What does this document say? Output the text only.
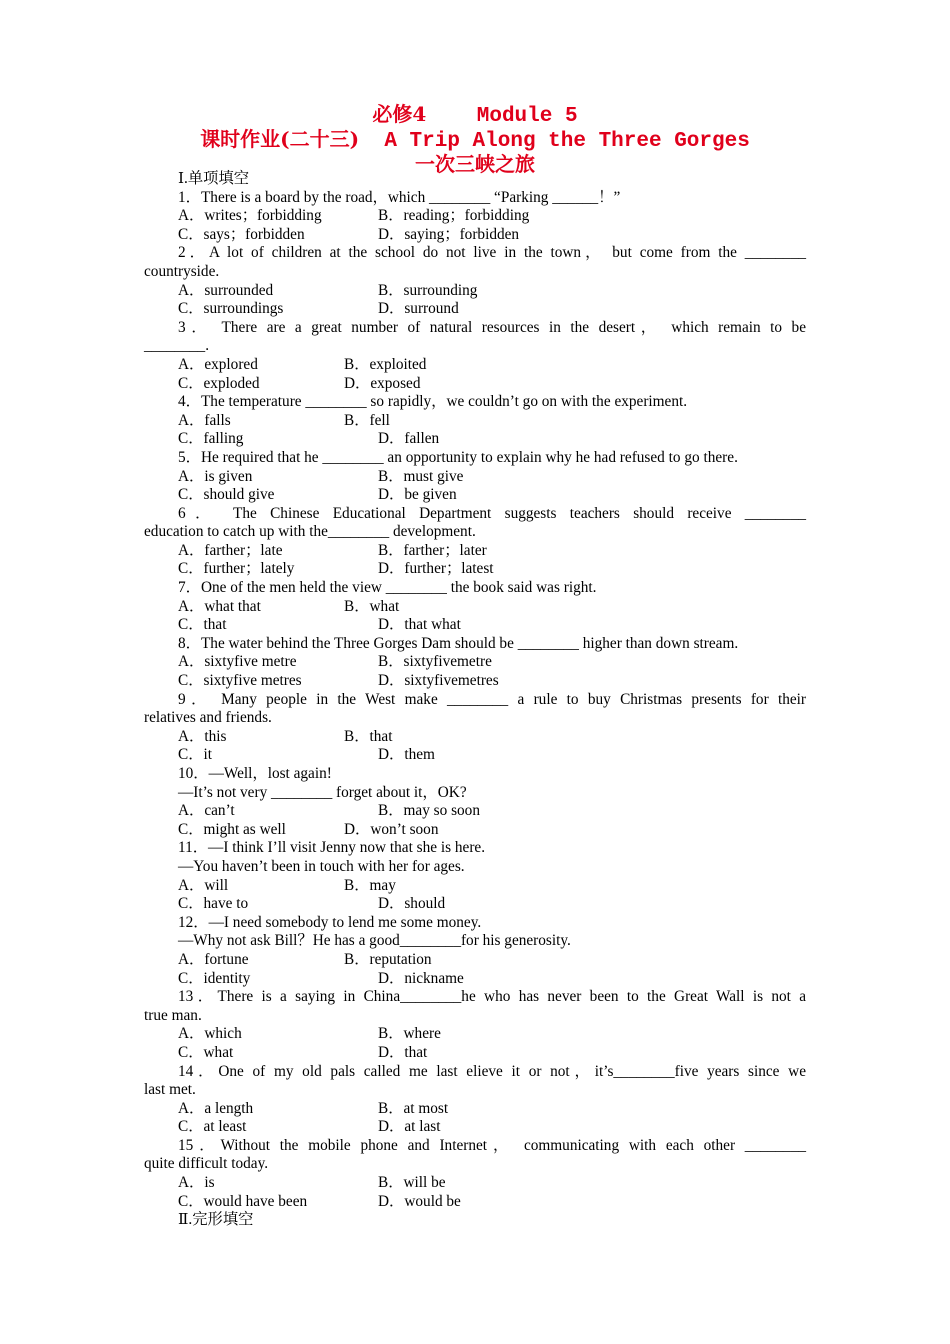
必修4 Module 5
课时作业(二十三) A Trip Along the Three Gorges
一次三峡之旅
Ⅰ.单项填空
1．There is a board by the road，which ________ “Parking ______！”
A．writes；forbidding	B．reading；forbidding
C．says；forbidden	D．saying；forbidden
2．A lot of children at the school do not live in the town， but come from the ________
countryside.
A．surrounded	B．surrounding
C．surroundings	D．surround
3． There are a great number of natural resources in the desert， which remain to be
________.
A．explored	B．exploited
C．exploded	D．exposed
4．The temperature ________ so rapidly，we couldn’t go on with the experiment.
A．falls	B．fell
C．falling	D．fallen
5．He required that he ________ an opportunity to explain why he had refused to go there.
A．is given	B．must give
C．should give	D．be given
6． The Chinese Educational Department suggests teachers should receive ________
education to catch up with the________ development.
A．farther；late	B．farther；later
C．further；lately	D．further；latest
7．One of the men held the view ________ the book said was right.
A．what that	B．what
C．that	D．that what
8．The water behind the Three Gorges Dam should be ________ higher than down stream.
A．sixtyfive metre	B．sixtyfivemetre
C．sixtyfive metres	D．sixtyfivemetres
9． Many people in the West make ________ a rule to buy Christmas presents for their
relatives and friends.
A．this	B．that
C．it	D．them
10．—Well，lost again!
—It’s not very ________ forget about it，OK?
A．can’t	B．may so soon
C．might as well	D．won’t soon
11．—I think I’ll visit Jenny now that she is here.
—You haven’t been in touch with her for ages.
A．will	B．may
C．have to	D．should
12．—I need somebody to lend me some money.
—Why not ask Bill？He has a good________for his generosity.
A．fortune	B．reputation
C．identity	D．nickname
13．There is a saying in China________he who has never been to the Great Wall is not a
true man.
A．which	B．where
C．what	D．that
14．One of my old pals called me last elieve it or not，it’s________five years since we
last met.
A．a length	B．at most
C．at least	D．at last
15．Without the mobile phone and Internet， communicating with each other ________
quite difficult today.
A．is	B．will be
C．would have been	D．would be
Ⅱ.完形填空
